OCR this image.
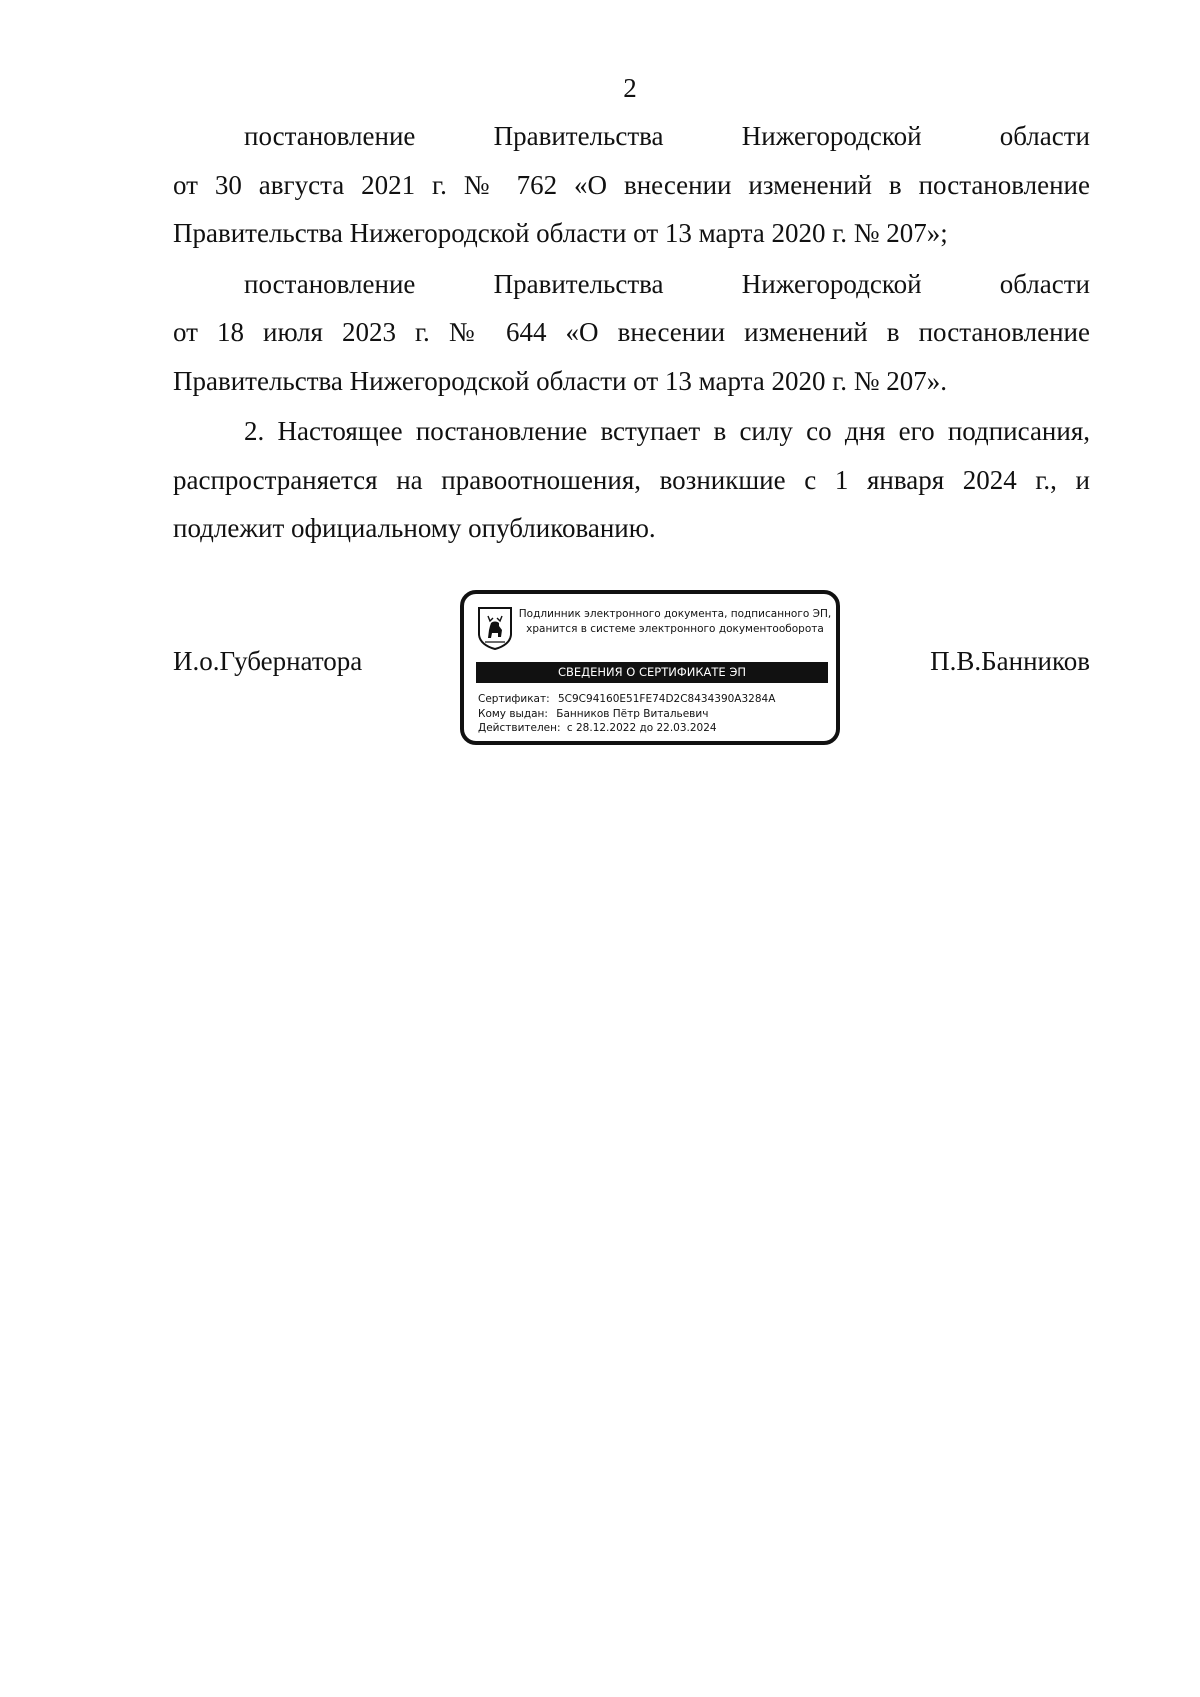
2

постановление Правительства Нижегородской области

от 30 августа 2021 г. № 762 «О внесении изменений в постановление Правительства Нижегородской области от 13 марта 2020 г. № 207»;

постановление Правительства Нижегородской области

от 18 июля 2023 г. № 644 «О внесении изменений в постановление Правительства Нижегородской области от 13 марта 2020 г. № 207».

2. Настоящее постановление вступает в силу со дня его подписания, распространяется на правоотношения, возникшие с 1 января 2024 г., и подлежит официальному опубликованию.

И.о.Губернатора
Подлинник электронного документа, подписанного ЭП,
хранится в системе электронного документооборота
СВЕДЕНИЯ О СЕРТИФИКАТЕ ЭП
Сертификат: 5C9C94160E51FE74D2C8434390A3284A
Кому выдан: Банников Пётр Витальевич
Действителен: с 28.12.2022 до 22.03.2024
П.В.Банников
